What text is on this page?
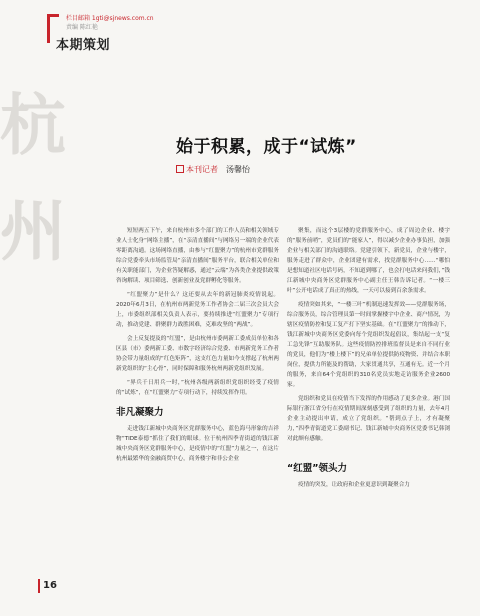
栏目邮箱 1gti@sjnews.com.cn
责编 陈红艳
本期策划
杭
州
始于积累，成于“试炼”
本刊记者 汤馨怡

短短两五下午，来自杭州市多个部门的工作人员和相关领域专业人士化身“网络主播”，在“亲清直播间”与网络另一端的企业代表零距离沟通。这场网络直播，由参与“红盟聚力”的杭州市党群服务综合党委牵头市场监管局“亲清直播间”服务平台，联合相关单位和有关职能部门，为企业答疑解惑，通过“云端”为各类企业提供政策咨询解读、项目筛选、创新创业及党群孵化等服务。

“红盟聚力”是什么？这还要从去年的新冠肺炎疫情说起。2020年6月3日，在杭州市两新党务工作者协会二届三次会员大会上，市委组织部相关负责人表示，要持续推进“红盟聚力”专项行动，推动党建、群聚群力战胜困难，克难攻坚的“两战”。

会上反复提及的“红盟”，是由杭州市委两新工委成员单位和各区县（市）委两新工委、市数字经济综合党委、市两新党务工作者协会带力量组成的“红色矩阵”，这支红色力量如今支撑起了杭州两新党组织的“主心骨”，同时保障和服务杭州两新党组织发展。

“界兵千日用兵一时，”杭州各级两新组织党组织经受了疫情的“试炼”，在“红盟聚力”专项行动下，持续发挥作用。

非凡凝聚力

走进钱江新城中央商务区党群服务中心，蓝色海马形象的吉祥物“TIDE泰德”抓住了我们的眼球。位于杭州四季青街道的钱江新城中央商务区党群服务中心，是疫情中的“红盟”力量之一，在这片杭州最繁华的金融商贸中心，商务楼宇和非公企业

聚集，而这个3层楼的党群服务中心，成了周边企业、楼宇的“服务前哨”，党员们的“能家人”，得以减少企业办事负担，加强企业与相关部门的沟通联络。党建引领下，新党员，企业与楼宇，服务走进了群众中，企业团建有需求，找党群服务中心……“哪怕是想知道社区电话号码，不知道到哪了，也会打电话来问我们，”钱江新城中央商务区党群服务中心副主任王韩告诉记者。“一楼三叶”公开电话成了真正的热线，一天可以接到百余条需求。

疫情突如其来，“一楼三叶”机制迅速发挥效——党群服务场，综合服务员，综合管理员第一时间掌握楼宇中企业、商户情况，为辖区疫情防控和复工复产打下坚实基础。在“红盟聚力”的推动下，钱江新城中央商务区党委向每个党组织发起倡议，集结起一支“复工急先锋”互助服务队。这些疫情防控排班监督员是来自不同行业的党员，他们为“楼上楼下”的兄弟单位提供防疫物资、并结合本职岗位，提供力所能及的帮助，大家贯通共享，互通有无。近一个月的服务，来自64个党组织的310名党员实地走访服务企业2600家。

党组织和党员在疫情当下发挥的作用感动了更多企业。港门国际银行浙江省分行在疫情期间深刻感受到了组织的力量，去年4月企业主动提出申请，成立了党组织。“帮到点子上，才有凝聚力，”四季青街道党工委副书记、钱江新城中央商务区党委书记韩浏对此颇有感触。

“红盟”领头力

疫情的突发，让政府和企业更意识到凝聚合力

16
